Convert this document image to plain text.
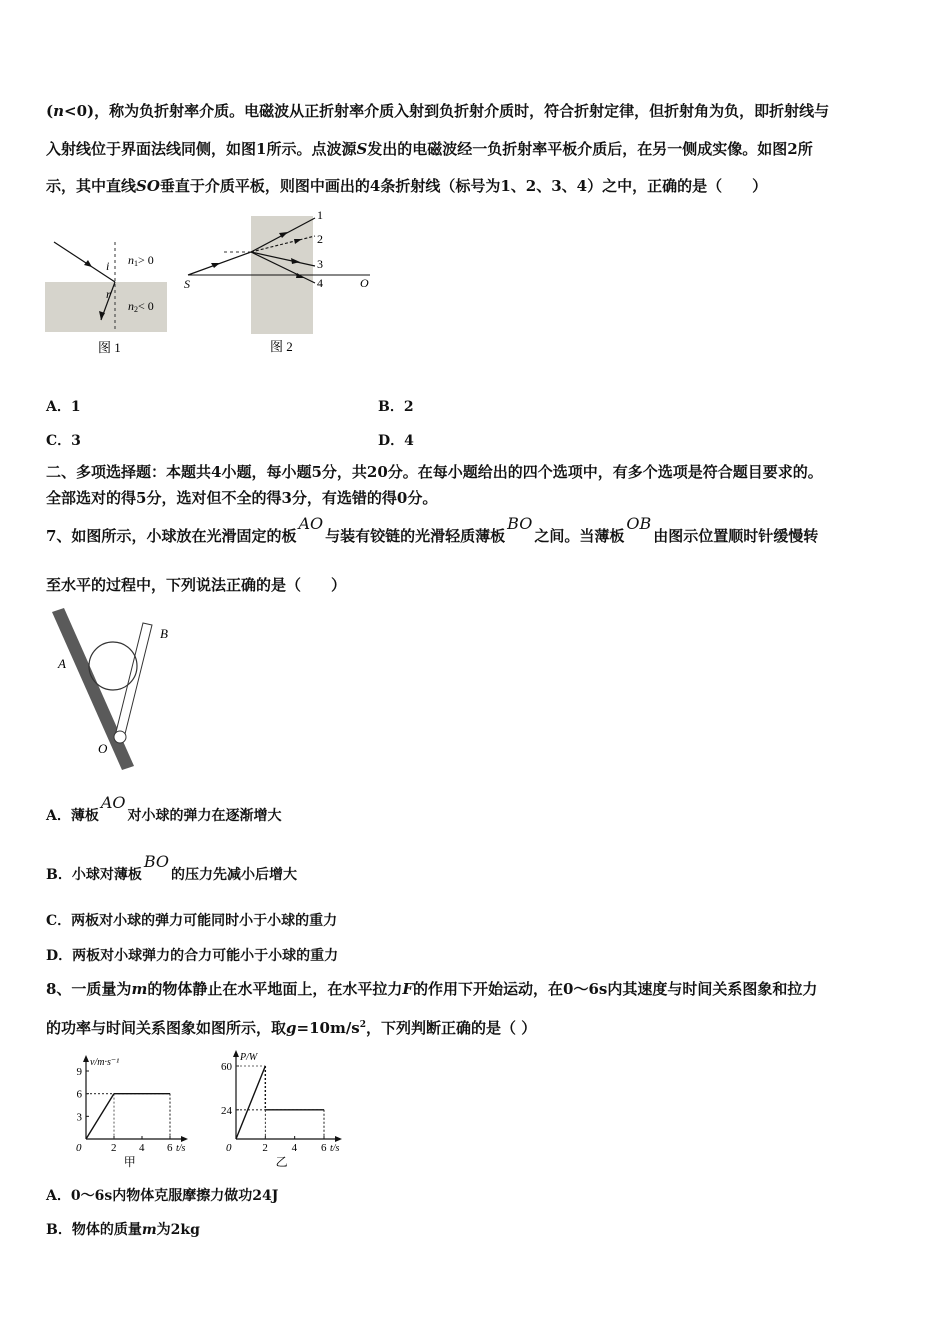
(n<0)，称为负折射率介质。电磁波从正折射率介质入射到负折射介质时，符合折射定律，但折射角为负，即折射线与
入射线位于界面法线同侧，如图1所示。点波源S发出的电磁波经一负折射率平板介质后，在另一侧成实像。如图2所
示，其中直线SO垂直于介质平板，则图中画出的4条折射线（标号为1、2、3、4）之中，正确的是（　　）
i
r
n1> 0
n2< 0
图 1
1
2
3
4
S	O
图 2
A．1	B．2
C．3	D．4
二、多项选择题：本题共4小题，每小题5分，共20分。在每小题给出的四个选项中，有多个选项是符合题目要求的。
全部选对的得5分，选对但不全的得3分，有选错的得0分。
7、如图所示，小球放在光滑固定的板AO与装有铰链的光滑轻质薄板BO之间。当薄板OB由图示位置顺时针缓慢转
至水平的过程中，下列说法正确的是（　　）
A
B
O
A．薄板AO对小球的弹力在逐渐增大
B．小球对薄板BO的压力先减小后增大
C．两板对小球的弹力可能同时小于小球的重力
D．两板对小球弹力的合力可能小于小球的重力
8、一质量为m的物体静止在水平地面上，在水平拉力F的作用下开始运动，在0～6s内其速度与时间关系图象和拉力
的功率与时间关系图象如图所示，取$g=10m/s^2$，下列判断正确的是（ ）
t/s
v/m·s⁻¹
0	2 4 6
3
6
9
甲
t/s
P/W
0	2 4 6
24
60
乙
A．0～6s内物体克服摩擦力做功24J
B．物体的质量m为2kg
